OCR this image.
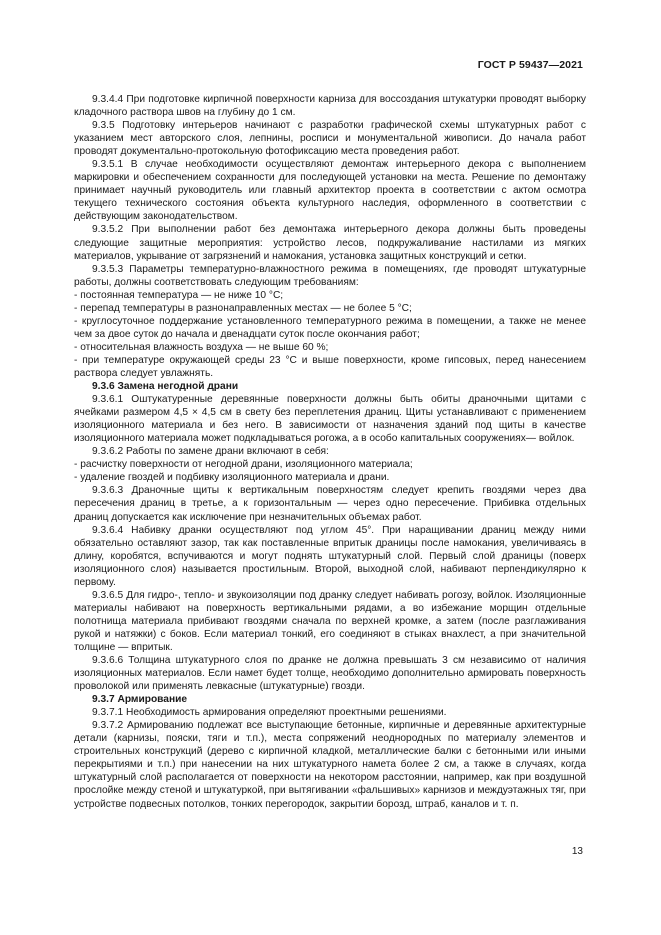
ГОСТ Р 59437—2021

9.3.4.4 При подготовке кирпичной поверхности карниза для воссоздания штукатурки проводят выборку кладочного раствора швов на глубину до 1 см.

9.3.5 Подготовку интерьеров начинают с разработки графической схемы штукатурных работ с указанием мест авторского слоя, лепнины, росписи и монументальной живописи. До начала работ проводят документально-протокольную фотофиксацию места проведения работ.

9.3.5.1 В случае необходимости осуществляют демонтаж интерьерного декора с выполнением маркировки и обеспечением сохранности для последующей установки на места. Решение по демонтажу принимает научный руководитель или главный архитектор проекта в соответствии с актом осмотра текущего технического состояния объекта культурного наследия, оформленного в соответствии с действующим законодательством.

9.3.5.2 При выполнении работ без демонтажа интерьерного декора должны быть проведены следующие защитные мероприятия: устройство лесов, подкружаливание настилами из мягких материалов, укрывание от загрязнений и намокания, установка защитных конструкций и сетки.

9.3.5.3 Параметры температурно-влажностного режима в помещениях, где проводят штукатурные работы, должны соответствовать следующим требованиям:

- постоянная температура — не ниже 10 °С;

- перепад температуры в разнонаправленных местах — не более 5 °С;

- круглосуточное поддержание установленного температурного режима в помещении, а также не менее чем за двое суток до начала и двенадцати суток после окончания работ;

- относительная влажность воздуха — не выше 60 %;

- при температуре окружающей среды 23 °С и выше поверхности, кроме гипсовых, перед нанесением раствора следует увлажнять.

9.3.6 Замена негодной драни

9.3.6.1 Оштукатуренные деревянные поверхности должны быть обиты драночными щитами с ячейками размером 4,5 × 4,5 см в свету без переплетения драниц. Щиты устанавливают с применением изоляционного материала и без него. В зависимости от назначения зданий под щиты в качестве изоляционного материала может подкладываться рогожа, а в особо капитальных сооружениях— войлок.

9.3.6.2 Работы по замене драни включают в себя:

- расчистку поверхности от негодной драни, изоляционного материала;

- удаление гвоздей и подбивку изоляционного материала и драни.

9.3.6.3 Драночные щиты к вертикальным поверхностям следует крепить гвоздями через два пересечения драниц в третье, а к горизонтальным — через одно пересечение. Прибивка отдельных драниц допускается как исключение при незначительных объемах работ.

9.3.6.4 Набивку дранки осуществляют под углом 45°. При наращивании драниц между ними обязательно оставляют зазор, так как поставленные впритык драницы после намокания, увеличиваясь в длину, коробятся, вспучиваются и могут поднять штукатурный слой. Первый слой драницы (поверх изоляционного слоя) называется простильным. Второй, выходной слой, набивают перпендикулярно к первому.

9.3.6.5 Для гидро-, тепло- и звукоизоляции под дранку следует набивать рогозу, войлок. Изоляционные материалы набивают на поверхность вертикальными рядами, а во избежание морщин отдельные полотнища материала прибивают гвоздями сначала по верхней кромке, а затем (после разглаживания рукой и натяжки) с боков. Если материал тонкий, его соединяют в стыках внахлест, а при значительной толщине — впритык.

9.3.6.6 Толщина штукатурного слоя по дранке не должна превышать 3 см независимо от наличия изоляционных материалов. Если намет будет толще, необходимо дополнительно армировать поверхность проволокой или применять левкасные (штукатурные) гвозди.

9.3.7 Армирование

9.3.7.1 Необходимость армирования определяют проектными решениями.

9.3.7.2 Армированию подлежат все выступающие бетонные, кирпичные и деревянные архитектурные детали (карнизы, пояски, тяги и т.п.), места сопряжений неоднородных по материалу элементов и строительных конструкций (дерево с кирпичной кладкой, металлические балки с бетонными или иными перекрытиями и т.п.) при нанесении на них штукатурного намета более 2 см, а также в случаях, когда штукатурный слой располагается от поверхности на некотором расстоянии, например, как при воздушной прослойке между стеной и штукатуркой, при вытягивании «фальшивых» карнизов и междуэтажных тяг, при устройстве подвесных потолков, тонких перегородок, закрытии борозд, штраб, каналов и т. п.

13
